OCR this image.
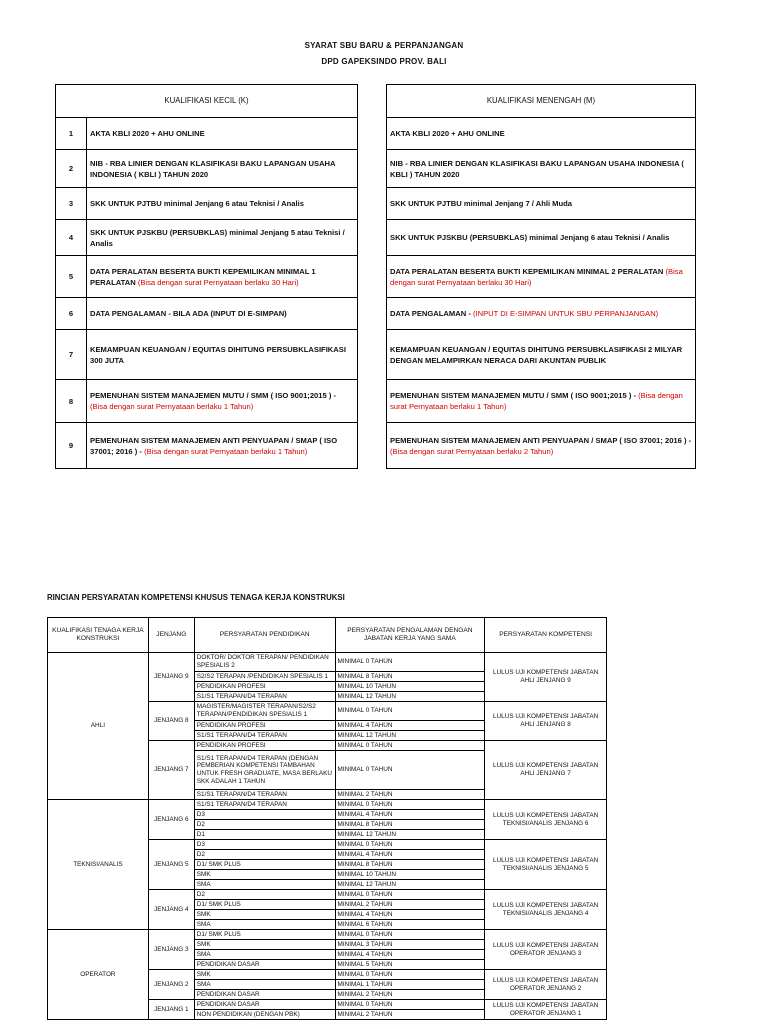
SYARAT SBU BARU & PERPANJANGAN
DPD GAPEKSINDO PROV. BALI
KUALIFIKASI KECIL (K)	
1	AKTA KBLI 2020 + AHU ONLINE
2	NIB - RBA LINIER DENGAN KLASIFIKASI BAKU LAPANGAN USAHA INDONESIA ( KBLI ) TAHUN 2020
3	SKK UNTUK PJTBU minimal Jenjang 6 atau Teknisi / Analis
4	SKK UNTUK PJSKBU (PERSUBKLAS) minimal Jenjang 5 atau Teknisi / Analis
5	DATA PERALATAN BESERTA BUKTI KEPEMILIKAN MINIMAL 1 PERALATAN (Bisa dengan surat Pernyataan berlaku 30 Hari)
6	DATA PENGALAMAN - BILA ADA (INPUT DI E-SIMPAN)
7	KEMAMPUAN KEUANGAN / EQUITAS DIHITUNG PERSUBKLASIFIKASI 300 JUTA
8	PEMENUHAN SISTEM MANAJEMEN MUTU / SMM ( ISO 9001;2015 ) - (Bisa dengan surat Pernyataan berlaku 1 Tahun)
9	PEMENUHAN SISTEM MANAJEMEN ANTI PENYUAPAN / SMAP ( ISO 37001; 2016 ) - (Bisa dengan surat Pernyataan berlaku 1 Tahun)
KUALIFIKASI MENENGAH (M)
AKTA KBLI 2020 + AHU ONLINE
NIB - RBA LINIER DENGAN KLASIFIKASI BAKU LAPANGAN USAHA INDONESIA ( KBLI ) TAHUN 2020
SKK UNTUK PJTBU minimal Jenjang 7 / Ahli Muda
SKK UNTUK PJSKBU (PERSUBKLAS) minimal Jenjang 6 atau Teknisi / Analis
DATA PERALATAN BESERTA BUKTI KEPEMILIKAN MINIMAL 2 PERALATAN (Bisa dengan surat Pernyataan berlaku 30 Hari)
DATA PENGALAMAN - (INPUT DI E-SIMPAN UNTUK SBU PERPANJANGAN)
KEMAMPUAN KEUANGAN / EQUITAS DIHITUNG PERSUBKLASIFIKASI 2 MILYAR DENGAN MELAMPIRKAN NERACA DARI AKUNTAN PUBLIK
PEMENUHAN SISTEM MANAJEMEN MUTU / SMM ( ISO 9001;2015 ) - (Bisa dengan surat Pernyataan berlaku 1 Tahun)
PEMENUHAN SISTEM MANAJEMEN ANTI PENYUAPAN / SMAP ( ISO 37001; 2016 ) - (Bisa dengan surat Pernyataan berlaku 2 Tahun)
RINCIAN PERSYARATAN KOMPETENSI KHUSUS TENAGA KERJA KONSTRUKSI
KUALIFIKASI TENAGA KERJA KONSTRUKSI	JENJANG	PERSYARATAN PENDIDIKAN	PERSYARATAN PENGALAMAN DENGAN JABATAN KERJA YANG SAMA	PERSYARATAN KOMPETENSI
AHLI	JENJANG 9	DOKTOR/ DOKTOR TERAPAN/ PENDIDIKAN SPESIALIS 2	MINIMAL 0 TAHUN	LULUS UJI KOMPETENSI JABATAN AHLI JENJANG 9
		S2/S2 TERAPAN /PENDIDIKAN SPESIALIS 1	MINIMAL 8 TAHUN	
		PENDIDIKAN PROFESI	MINIMAL 10 TAHUN	
		S1/S1 TERAPAN/D4 TERAPAN	MINIMAL 12 TAHUN	
	JENJANG 8	MAGISTER/MAGISTER TERAPAN/S2/S2 TERAPAN/PENDIDIKAN SPESIALIS 1	MINIMAL 0 TAHUN	LULUS UJI KOMPETENSI JABATAN AHLI JENJANG 8
		PENDIDIKAN PROFESI	MINIMAL 4 TAHUN	
		S1/S1 TERAPAN/D4 TERAPAN	MINIMAL 12 TAHUN	
	JENJANG 7	PENDIDIKAN PROFESI	MINIMAL 0 TAHUN	LULUS UJI KOMPETENSI JABATAN AHLI JENJANG 7
		S1/S1 TERAPAN/D4 TERAPAN (DENGAN PEMBERIAN KOMPETENSI TAMBAHAN UNTUK FRESH GRADUATE, MASA BERLAKU SKK ADALAH 1 TAHUN	MINIMAL 0 TAHUN	
		S1/S1 TERAPAN/D4 TERAPAN	MINIMAL 2 TAHUN	
TEKNISI/ANALIS	JENJANG 6	S1/S1 TERAPAN/D4 TERAPAN	MINIMAL 0 TAHUN	LULUS UJI KOMPETENSI JABATAN TEKNISI/ANALIS JENJANG 6
		D3	MINIMAL 4 TAHUN	
		D2	MINIMAL 8 TAHUN	
		D1	MINIMAL 12 TAHUN	
	JENJANG 5	D3	MINIMAL 0 TAHUN	LULUS UJI KOMPETENSI JABATAN TEKNISI/ANALIS JENJANG 5
		D2	MINIMAL 4 TAHUN	
		D1/ SMK PLUS	MINIMAL 8 TAHUN	
		SMK	MINIMAL 10 TAHUN	
		SMA	MINIMAL 12 TAHUN	
	JENJANG 4	D2	MINIMAL 0 TAHUN	LULUS UJI KOMPETENSI JABATAN TEKNISI/ANALIS JENJANG 4
		D1/ SMK PLUS	MINIMAL 2 TAHUN	
		SMK	MINIMAL 4 TAHUN	
		SMA	MINIMAL 6 TAHUN	
OPERATOR	JENJANG 3	D1/ SMK PLUS	MINIMAL 0 TAHUN	LULUS UJI KOMPETENSI JABATAN OPERATOR JENJANG 3
		SMK	MINIMAL 3 TAHUN	
		SMA	MINIMAL 4 TAHUN	
		PENDIDIKAN DASAR	MINIMAL 5 TAHUN	
	JENJANG 2	SMK	MINIMAL 0 TAHUN	LULUS UJI KOMPETENSI JABATAN OPERATOR JENJANG 2
		SMA	MINIMAL 1 TAHUN	
		PENDIDIKAN DASAR	MINIMAL 2 TAHUN	
	JENJANG 1	PENDIDIKAN DASAR	MINIMAL 0 TAHUN	LULUS UJI KOMPETENSI JABATAN OPERATOR JENJANG 1
		NON PENDIDIKAN (DENGAN PBK)	MINIMAL 2 TAHUN	
